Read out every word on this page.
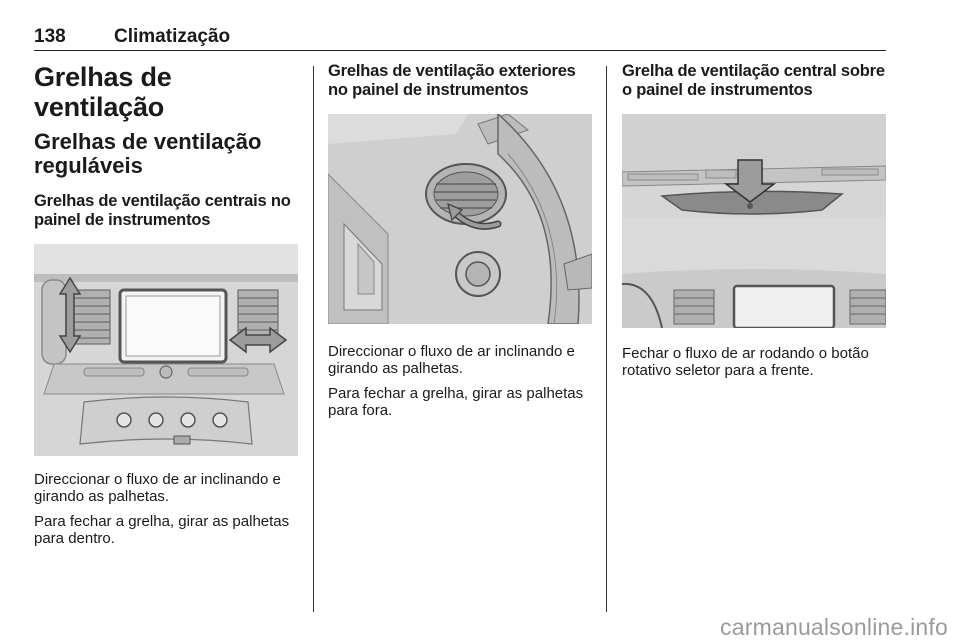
138	Climatização
Grelhas de ventilação
Grelhas de ventilação reguláveis
Grelhas de ventilação centrais no painel de instrumentos

Direccionar o fluxo de ar inclinando e girando as palhetas.

Para fechar a grelha, girar as palhetas para dentro.

Grelhas de ventilação exteriores no painel de instrumentos

Direccionar o fluxo de ar inclinando e girando as palhetas.

Para fechar a grelha, girar as palhetas para fora.

Grelha de ventilação central sobre o painel de instrumentos

Fechar o fluxo de ar rodando o botão rotativo seletor para a frente.

carmanualsonline.info
